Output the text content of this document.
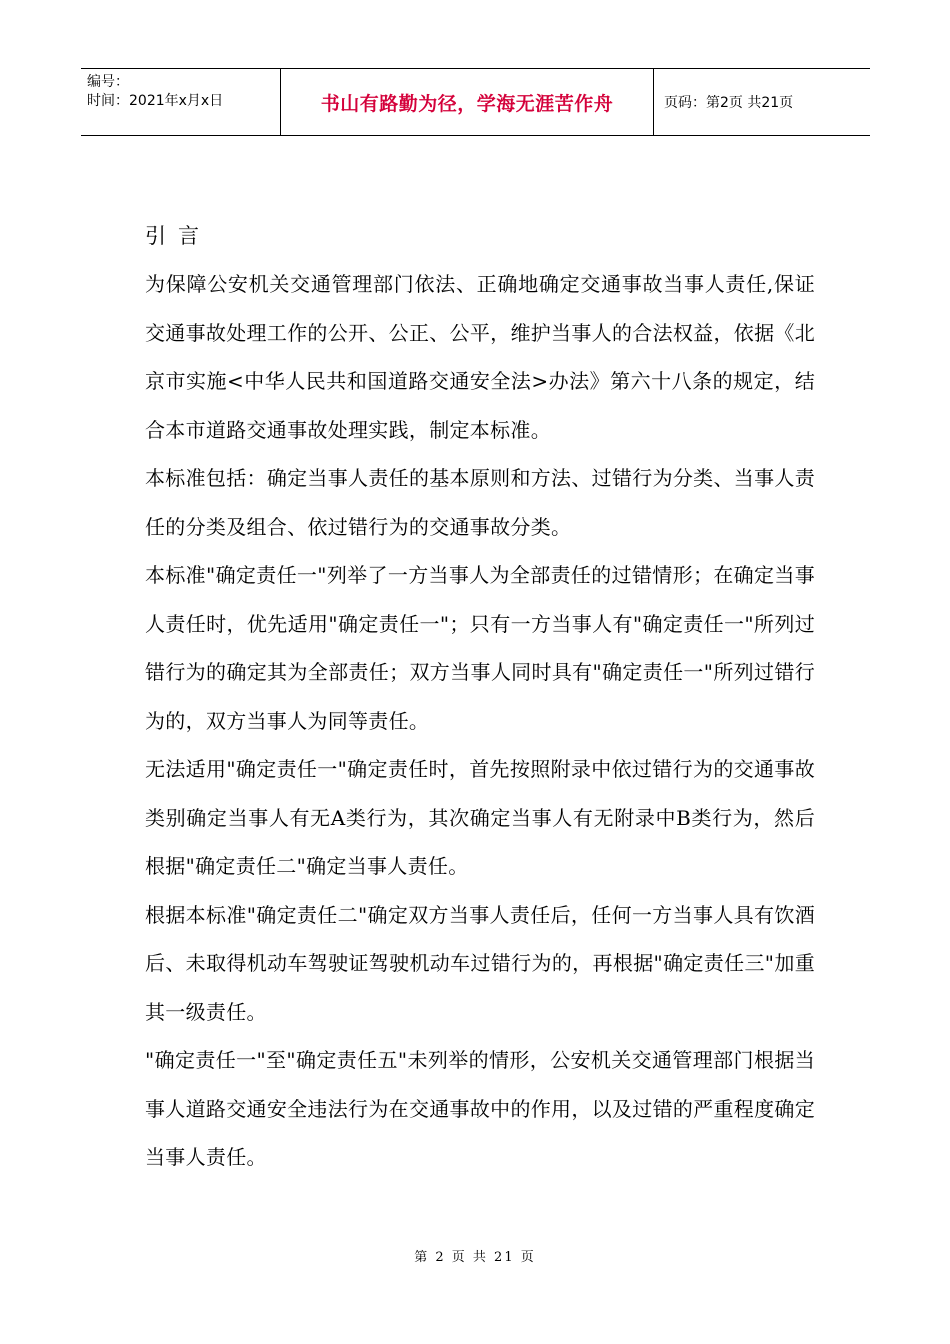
编号：
时间：2021年x月x日	书山有路勤为径，学海无涯苦作舟	页码：第2页 共21页

引言

为保障公安机关交通管理部门依法、正确地确定交通事故当事人责任,保证交通事故处理工作的公开、公正、公平，维护当事人的合法权益，依据《北京市实施<中华人民共和国道路交通安全法>办法》第六十八条的规定，结合本市道路交通事故处理实践，制定本标准。

本标准包括：确定当事人责任的基本原则和方法、过错行为分类、当事人责任的分类及组合、依过错行为的交通事故分类。

本标准"确定责任一"列举了一方当事人为全部责任的过错情形；在确定当事人责任时，优先适用"确定责任一"；只有一方当事人有"确定责任一"所列过错行为的确定其为全部责任；双方当事人同时具有"确定责任一"所列过错行为的，双方当事人为同等责任。

无法适用"确定责任一"确定责任时，首先按照附录中依过错行为的交通事故类别确定当事人有无A类行为，其次确定当事人有无附录中B类行为，然后根据"确定责任二"确定当事人责任。

根据本标准"确定责任二"确定双方当事人责任后，任何一方当事人具有饮酒后、未取得机动车驾驶证驾驶机动车过错行为的，再根据"确定责任三"加重其一级责任。

"确定责任一"至"确定责任五"未列举的情形，公安机关交通管理部门根据当事人道路交通安全违法行为在交通事故中的作用，以及过错的严重程度确定当事人责任。

第 2 页 共 21 页
